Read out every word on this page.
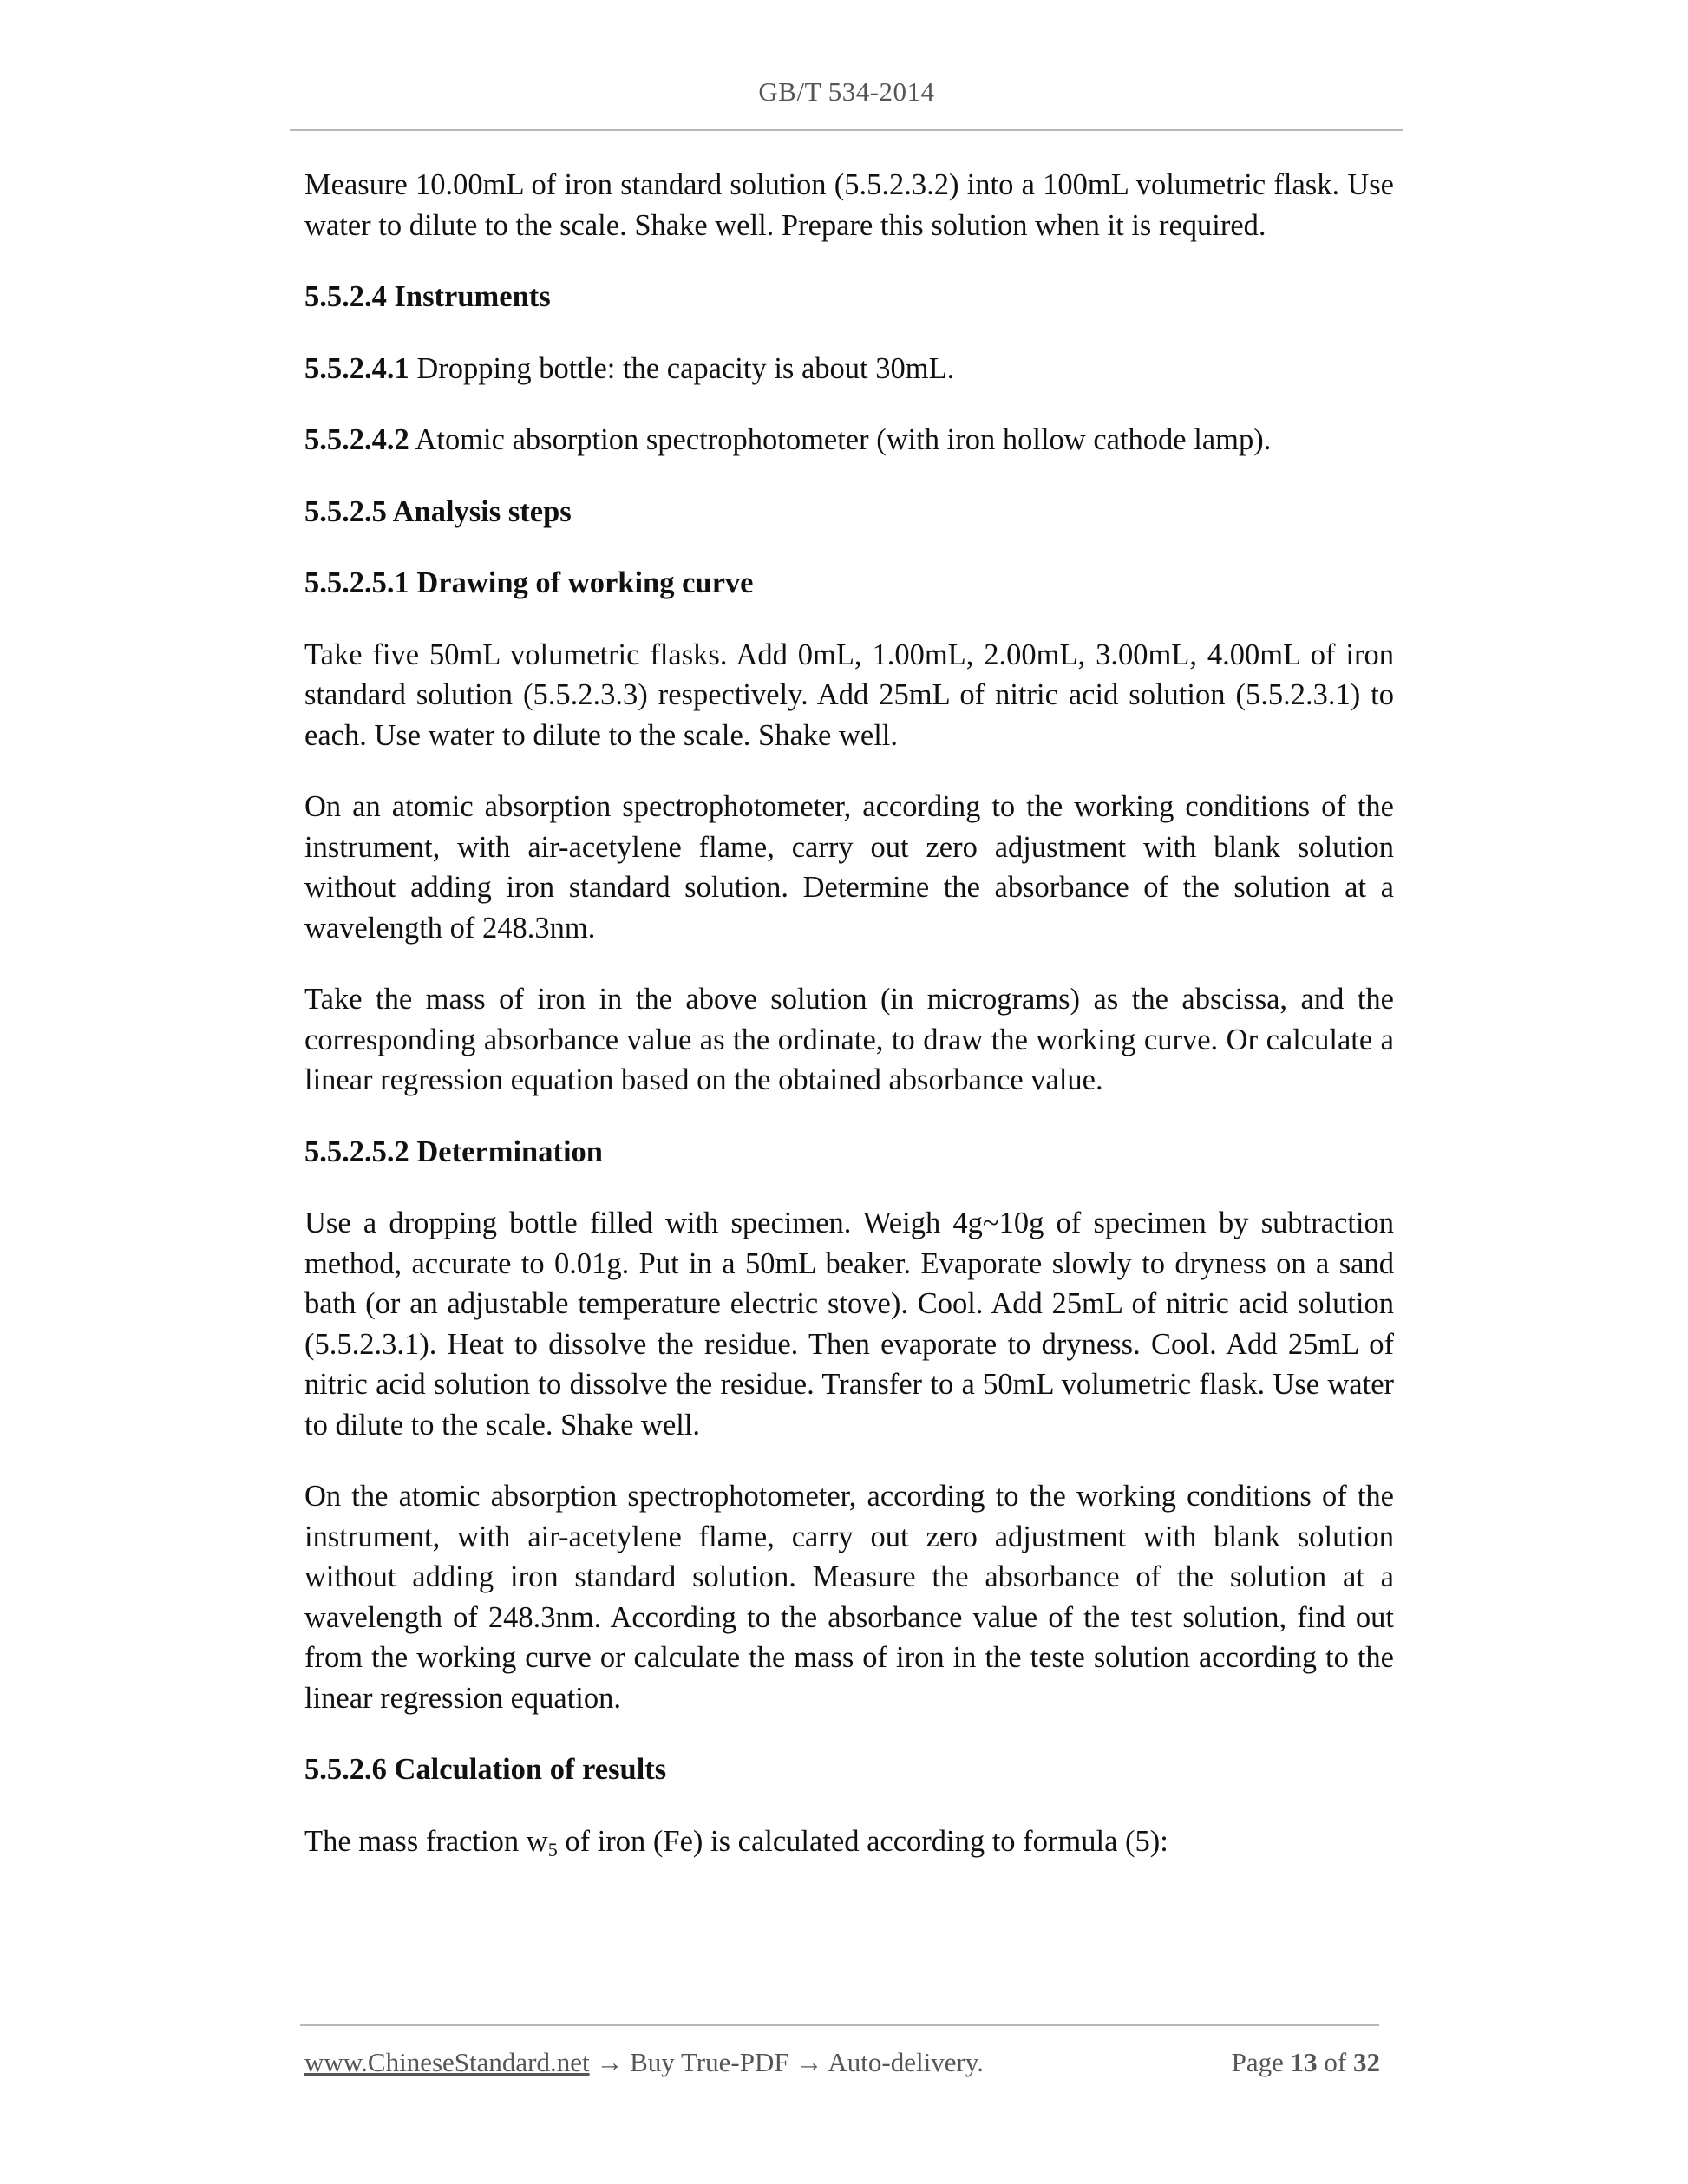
GB/T 534-2014

Measure 10.00mL of iron standard solution (5.5.2.3.2) into a 100mL volumetric flask. Use water to dilute to the scale. Shake well. Prepare this solution when it is required.

5.5.2.4 Instruments

5.5.2.4.1 Dropping bottle: the capacity is about 30mL.

5.5.2.4.2 Atomic absorption spectrophotometer (with iron hollow cathode lamp).

5.5.2.5 Analysis steps

5.5.2.5.1 Drawing of working curve

Take five 50mL volumetric flasks. Add 0mL, 1.00mL, 2.00mL, 3.00mL, 4.00mL of iron standard solution (5.5.2.3.3) respectively. Add 25mL of nitric acid solution (5.5.2.3.1) to each. Use water to dilute to the scale. Shake well.

On an atomic absorption spectrophotometer, according to the working conditions of the instrument, with air-acetylene flame, carry out zero adjustment with blank solution without adding iron standard solution. Determine the absorbance of the solution at a wavelength of 248.3nm.

Take the mass of iron in the above solution (in micrograms) as the abscissa, and the corresponding absorbance value as the ordinate, to draw the working curve. Or calculate a linear regression equation based on the obtained absorbance value.

5.5.2.5.2 Determination

Use a dropping bottle filled with specimen. Weigh 4g~10g of specimen by subtraction method, accurate to 0.01g. Put in a 50mL beaker. Evaporate slowly to dryness on a sand bath (or an adjustable temperature electric stove). Cool. Add 25mL of nitric acid solution (5.5.2.3.1). Heat to dissolve the residue. Then evaporate to dryness. Cool. Add 25mL of nitric acid solution to dissolve the residue. Transfer to a 50mL volumetric flask. Use water to dilute to the scale. Shake well.

On the atomic absorption spectrophotometer, according to the working conditions of the instrument, with air-acetylene flame, carry out zero adjustment with blank solution without adding iron standard solution. Measure the absorbance of the solution at a wavelength of 248.3nm. According to the absorbance value of the test solution, find out from the working curve or calculate the mass of iron in the teste solution according to the linear regression equation.

5.5.2.6 Calculation of results

The mass fraction $w_5$ of iron (Fe) is calculated according to formula (5):

www.ChineseStandard.net → Buy True-PDF → Auto-delivery.	Page 13 of 32
